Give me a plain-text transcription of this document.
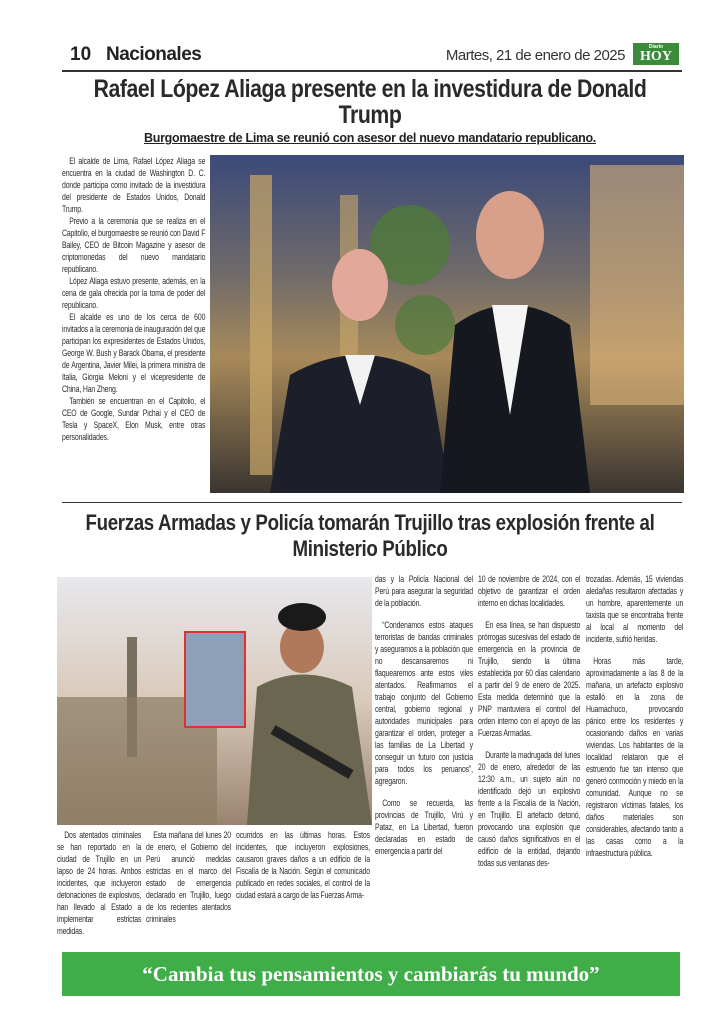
10 Nacionales	Martes, 21 de enero de 2025	Diario
HOY
Rafael López Aliaga presente en la investidura de Donald Trump
Burgomaestre de Lima se reunió con asesor del nuevo mandatario republicano.

El alcalde de Lima, Rafael López Aliaga se encuentra en la ciudad de Washington D. C. donde participa como invitado de la investidura del presidente de Estados Unidos, Donald Trump.

Previo a la ceremonia que se realiza en el Capitolio, el burgomaestre se reunió con David F Bailey, CEO de Bitcoin Magazine y asesor de criptomonedas del nuevo mandatario republicano.

López Aliaga estuvo presente, además, en la cena de gala ofrecida por la toma de poder del republicano.

El alcalde es uno de los cerca de 600 invitados a la ceremonia de inauguración del que participan los expresidentes de Estados Unidos, George W. Bush y Barack Obama, el presidente de Argentina, Javier Milei, la primera ministra de Italia, Giorgia Meloni y el vicepresidente de China, Han Zheng.

También se encuentran en el Capitolio, el CEO de Google, Sundar Pichai y el CEO de Tesla y SpaceX, Elon Musk, entre otras personalidades.

Fuerzas Armadas y Policía tomarán Trujillo tras explosión frente al Ministerio Público

Dos atentados criminales se han reportado en la ciudad de Trujillo en un lapso de 24 horas. Ambos incidentes, que incluyeron detonaciones de explosivos, han llevado al Estado a implementar estrictas medidas.

Esta mañana del lunes 20 de enero, el Gobierno del Perú anunció medidas estrictas en el marco del estado de emergencia declarado en Trujillo, luego de los recientes atentados criminales

ocurridos en las últimas horas. Estos incidentes, que incluyeron explosiones, causaron graves daños a un edificio de la Fiscalía de la Nación. Según el comunicado publicado en redes sociales, el control de la ciudad estará a cargo de las Fuerzas Arma-

das y la Policía Nacional del Perú para asegurar la seguridad de la población.

“Condenamos estos ataques terroristas de bandas criminales y aseguramos a la población que no descansaremos ni flaquearemos ante estos viles atentados. Reafirmamos el trabajo conjunto del Gobierno central, gobierno regional y autoridades municipales para garantizar el orden, proteger a las familias de La Libertad y conseguir un futuro con justicia para todos los peruanos”, agregaron.

Como se recuerda, las provincias de Trujillo, Virú y Pataz, en La Libertad, fueron declaradas en estado de emergencia a partir del

10 de noviembre de 2024, con el objetivo de garantizar el orden interno en dichas localidades.

En esa línea, se han dispuesto prórrogas sucesivas del estado de emergencia en la provincia de Trujillo, siendo la última establecida por 60 días calendario a partir del 9 de enero de 2025. Esta medida determinó que la PNP mantuviera el control del orden interno con el apoyo de las Fuerzas Armadas.

Durante la madrugada del lunes 20 de enero, alrededor de las 12:30 a.m., un sujeto aún no identificado dejó un explosivo frente a la Fiscalía de la Nación, en Trujillo. El artefacto detonó, provocando una explosión que causó daños significativos en el edificio de la entidad, dejando todas sus ventanas des-

trozadas. Además, 15 viviendas aledañas resultaron afectadas y un hombre, aparentemente un taxista que se encontraba frente al local al momento del incidente, sufrió heridas.

Horas más tarde, aproximadamente a las 8 de la mañana, un artefacto explosivo estalló en la zona de Huamachuco, provocando pánico entre los residentes y ocasionando daños en varias viviendas. Los habitantes de la localidad relataron que el estruendo fue tan intenso que generó conmoción y miedo en la comunidad. Aunque no se registraron víctimas fatales, los daños materiales son considerables, afectando tanto a las casas como a la infraestructura pública.

“Cambia tus pensamientos y cambiarás tu mundo”
